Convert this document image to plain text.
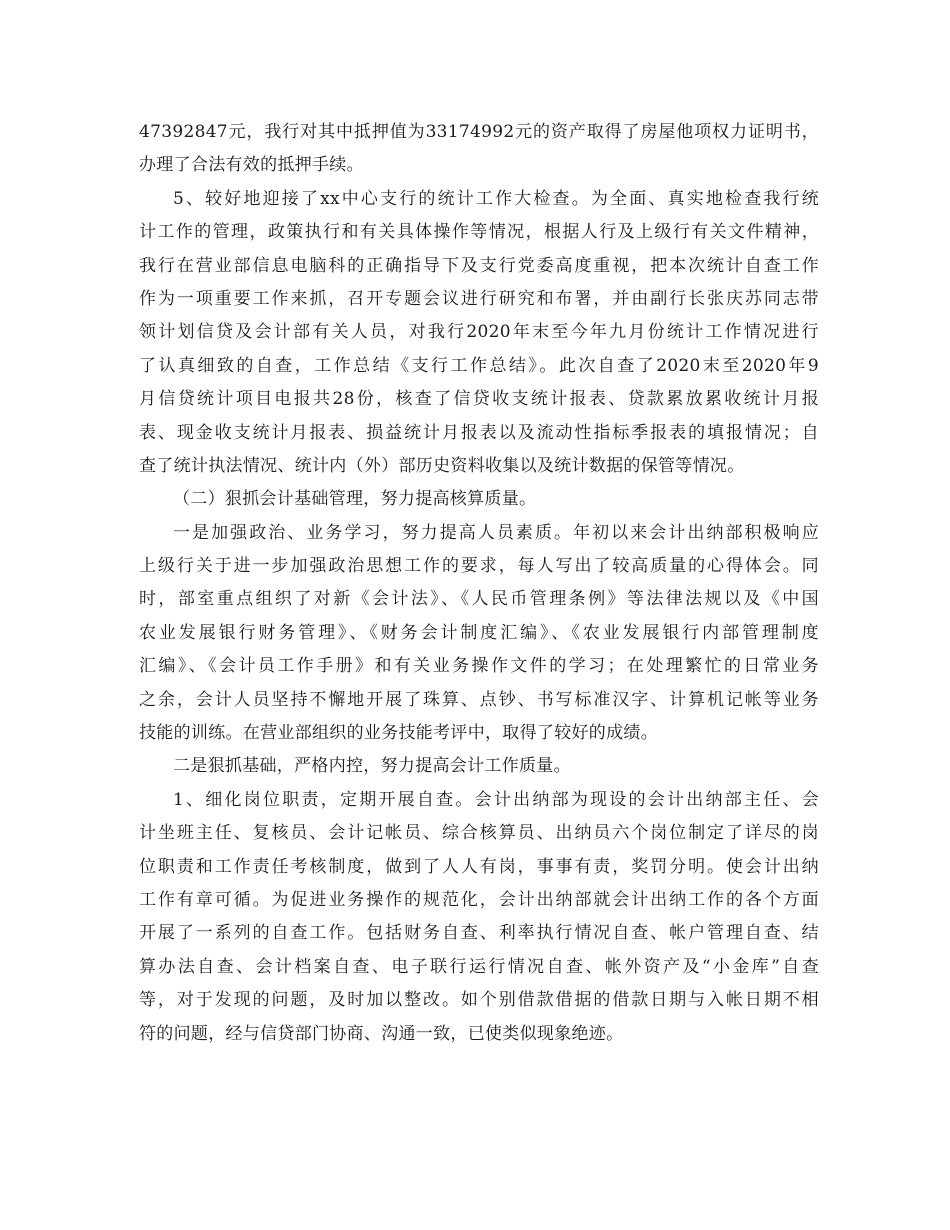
47392847元，我行对其中抵押值为33174992元的资产取得了房屋他项权力证明书，
办理了合法有效的抵押手续。
5、较好地迎接了xx中心支行的统计工作大检查。为全面、真实地检查我行统
计工作的管理，政策执行和有关具体操作等情况，根据人行及上级行有关文件精神，
我行在营业部信息电脑科的正确指导下及支行党委高度重视，把本次统计自查工作
作为一项重要工作来抓，召开专题会议进行研究和布署，并由副行长张庆苏同志带
领计划信贷及会计部有关人员，对我行2020年末至今年九月份统计工作情况进行
了认真细致的自查，工作总结《支行工作总结》。此次自查了2020末至2020年9
月信贷统计项目电报共28份，核查了信贷收支统计报表、贷款累放累收统计月报
表、现金收支统计月报表、损益统计月报表以及流动性指标季报表的填报情况；自
查了统计执法情况、统计内（外）部历史资料收集以及统计数据的保管等情况。
（二）狠抓会计基础管理，努力提高核算质量。
一是加强政治、业务学习，努力提高人员素质。年初以来会计出纳部积极响应
上级行关于进一步加强政治思想工作的要求，每人写出了较高质量的心得体会。同
时，部室重点组织了对新《会计法》、《人民币管理条例》等法律法规以及《中国
农业发展银行财务管理》、《财务会计制度汇编》、《农业发展银行内部管理制度
汇编》、《会计员工作手册》和有关业务操作文件的学习；在处理繁忙的日常业务
之余，会计人员坚持不懈地开展了珠算、点钞、书写标准汉字、计算机记帐等业务
技能的训练。在营业部组织的业务技能考评中，取得了较好的成绩。
二是狠抓基础，严格内控，努力提高会计工作质量。
1、细化岗位职责，定期开展自查。会计出纳部为现设的会计出纳部主任、会
计坐班主任、复核员、会计记帐员、综合核算员、出纳员六个岗位制定了详尽的岗
位职责和工作责任考核制度，做到了人人有岗，事事有责，奖罚分明。使会计出纳
工作有章可循。为促进业务操作的规范化，会计出纳部就会计出纳工作的各个方面
开展了一系列的自查工作。包括财务自查、利率执行情况自查、帐户管理自查、结
算办法自查、会计档案自查、电子联行运行情况自查、帐外资产及“小金库”自查
等，对于发现的问题，及时加以整改。如个别借款借据的借款日期与入帐日期不相
符的问题，经与信贷部门协商、沟通一致，已使类似现象绝迹。
